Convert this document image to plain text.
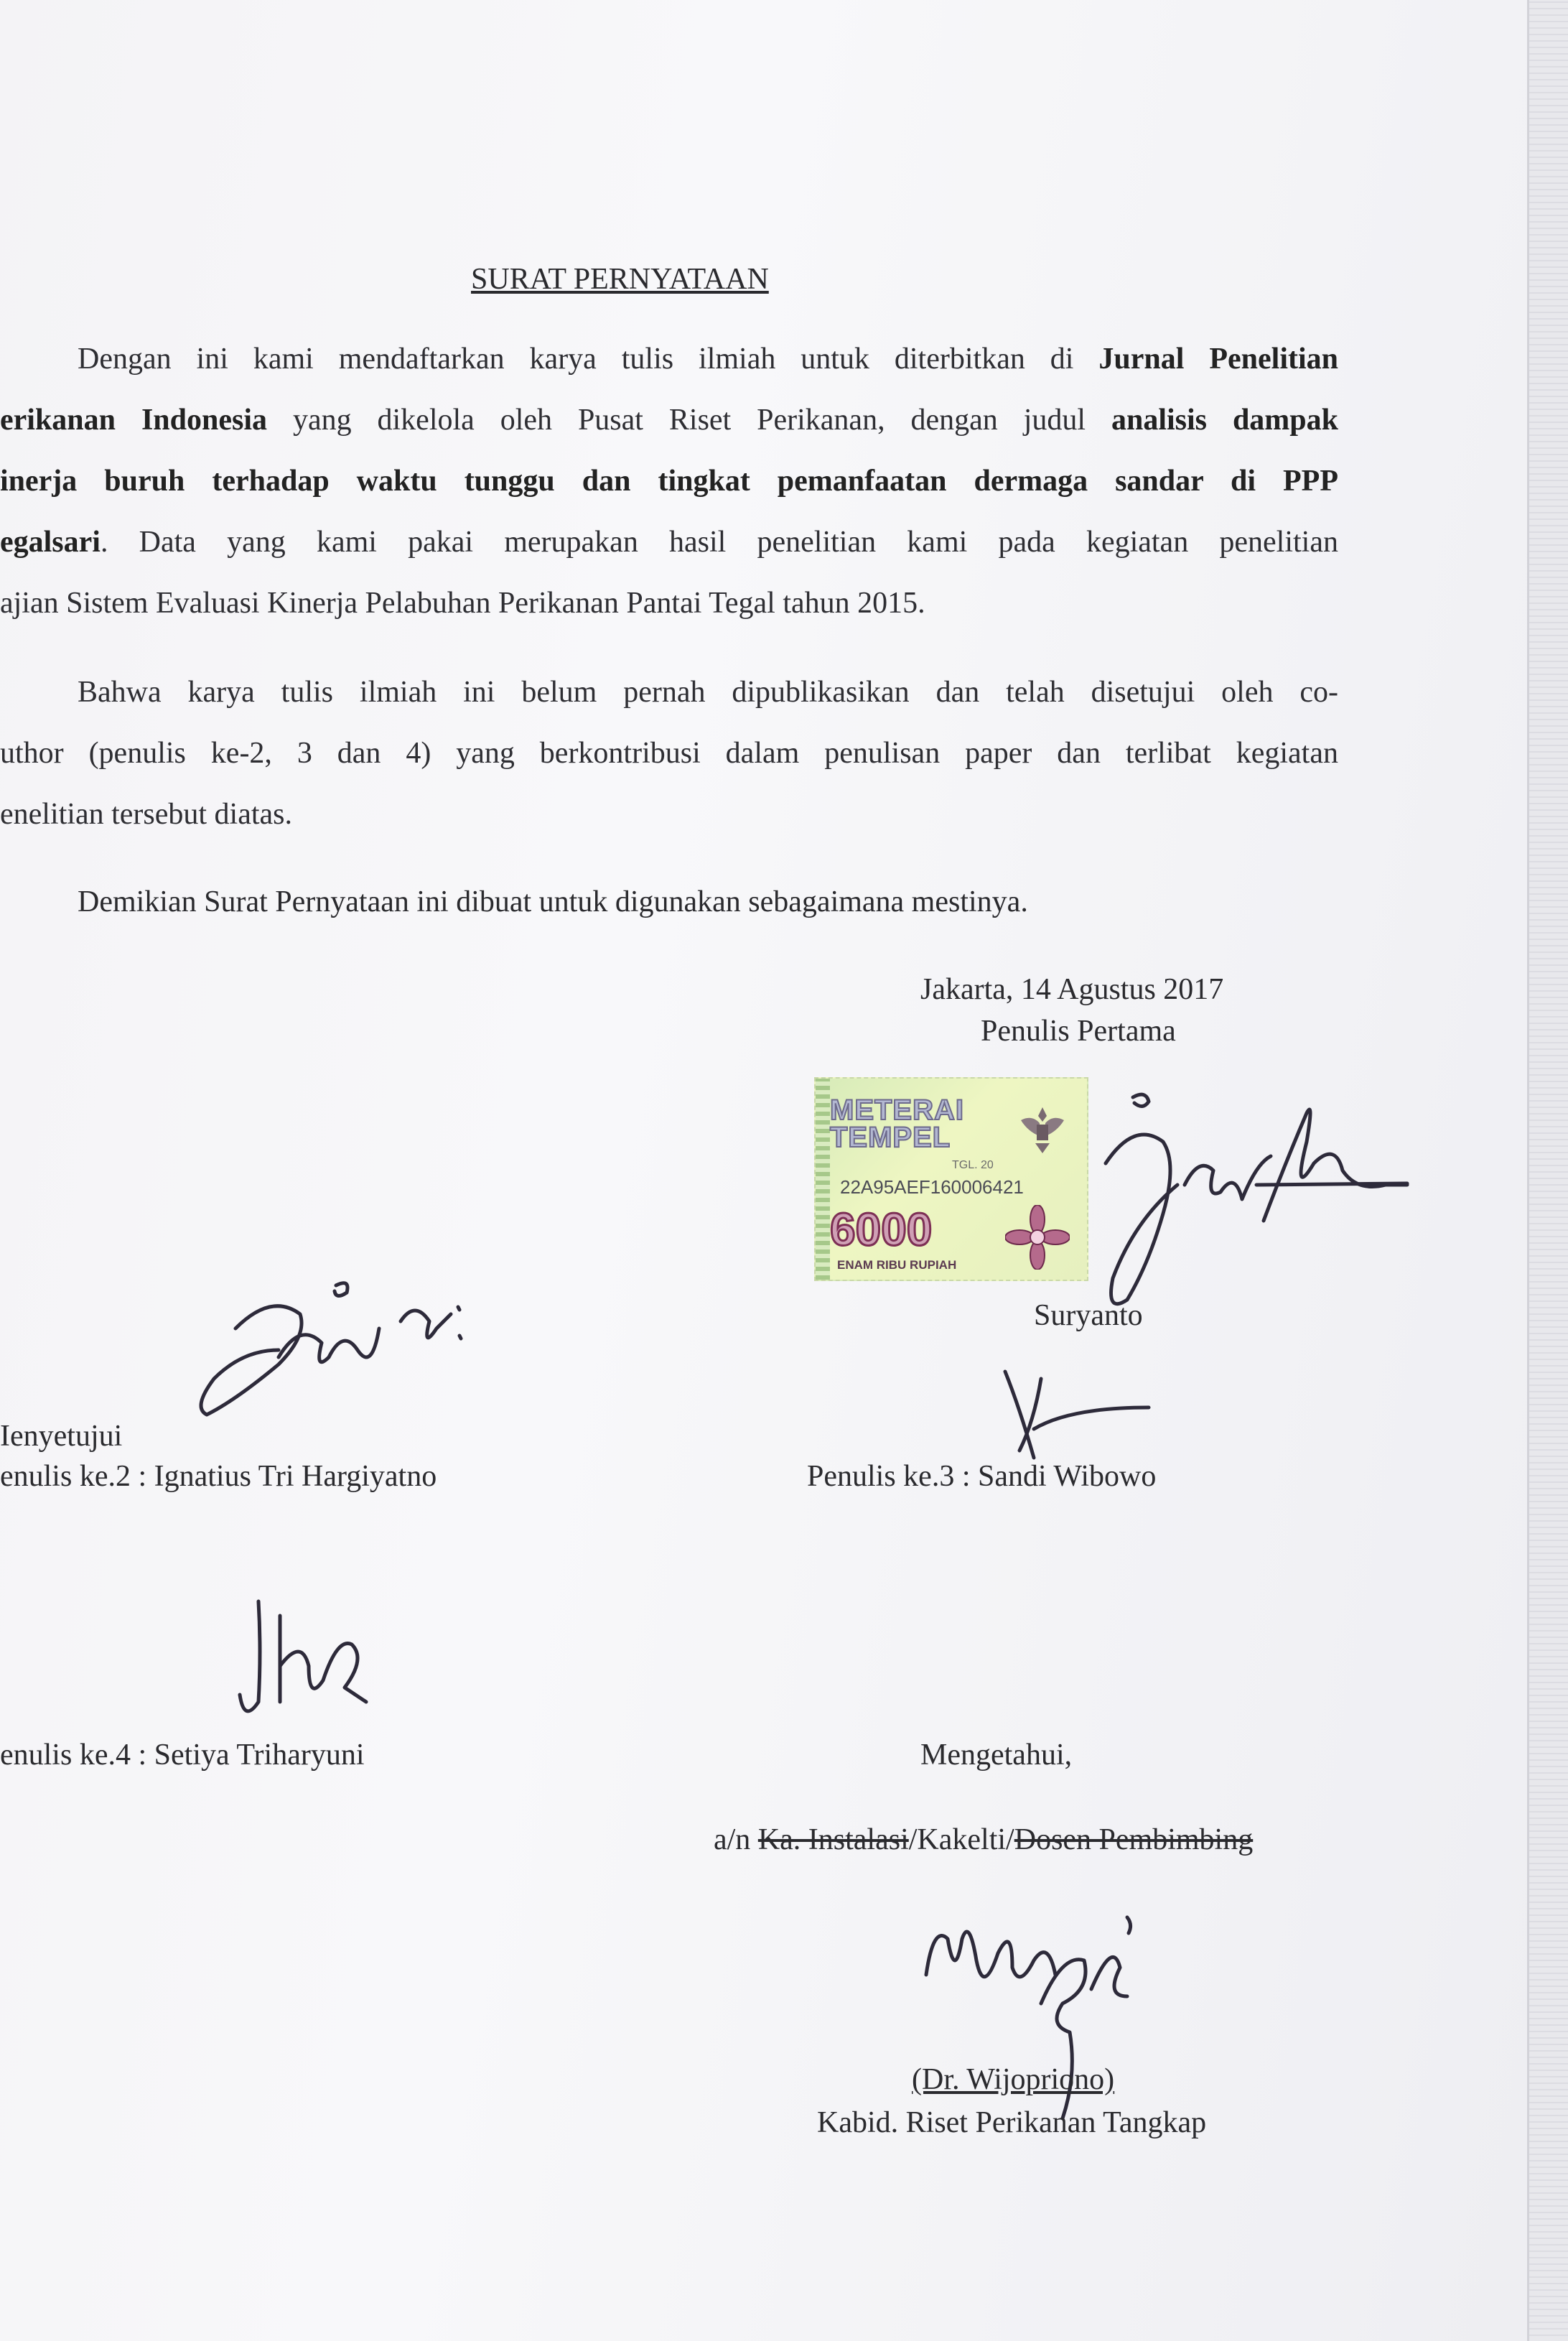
SURAT PERNYATAAN
Dengan ini kami mendaftarkan karya tulis ilmiah untuk diterbitkan di Jurnal Penelitian
erikanan Indonesia yang dikelola oleh Pusat Riset Perikanan, dengan judul analisis dampak
inerja buruh terhadap waktu tunggu dan tingkat pemanfaatan dermaga sandar di PPP
egalsari. Data yang kami pakai merupakan hasil penelitian kami pada kegiatan penelitian
ajian Sistem Evaluasi Kinerja Pelabuhan Perikanan Pantai Tegal tahun 2015.
Bahwa karya tulis ilmiah ini belum pernah dipublikasikan dan telah disetujui oleh co-
uthor (penulis ke-2, 3 dan 4) yang berkontribusi dalam penulisan paper dan terlibat kegiatan
enelitian tersebut diatas.
Demikian Surat Pernyataan ini dibuat untuk digunakan sebagaimana mestinya.
Jakarta, 14 Agustus 2017
Penulis Pertama
METERAI
TEMPEL
TGL. 20
22A95AEF160006421
6000
ENAM RIBU RUPIAH
Suryanto
Ienyetujui
enulis ke.2 : Ignatius Tri Hargiyatno	Penulis ke.3 : Sandi Wibowo
enulis ke.4 : Setiya Triharyuni	Mengetahui,
a/n Ka. Instalasi/Kakelti/Dosen Pembimbing
(Dr. Wijopriono)
Kabid. Riset Perikanan Tangkap
